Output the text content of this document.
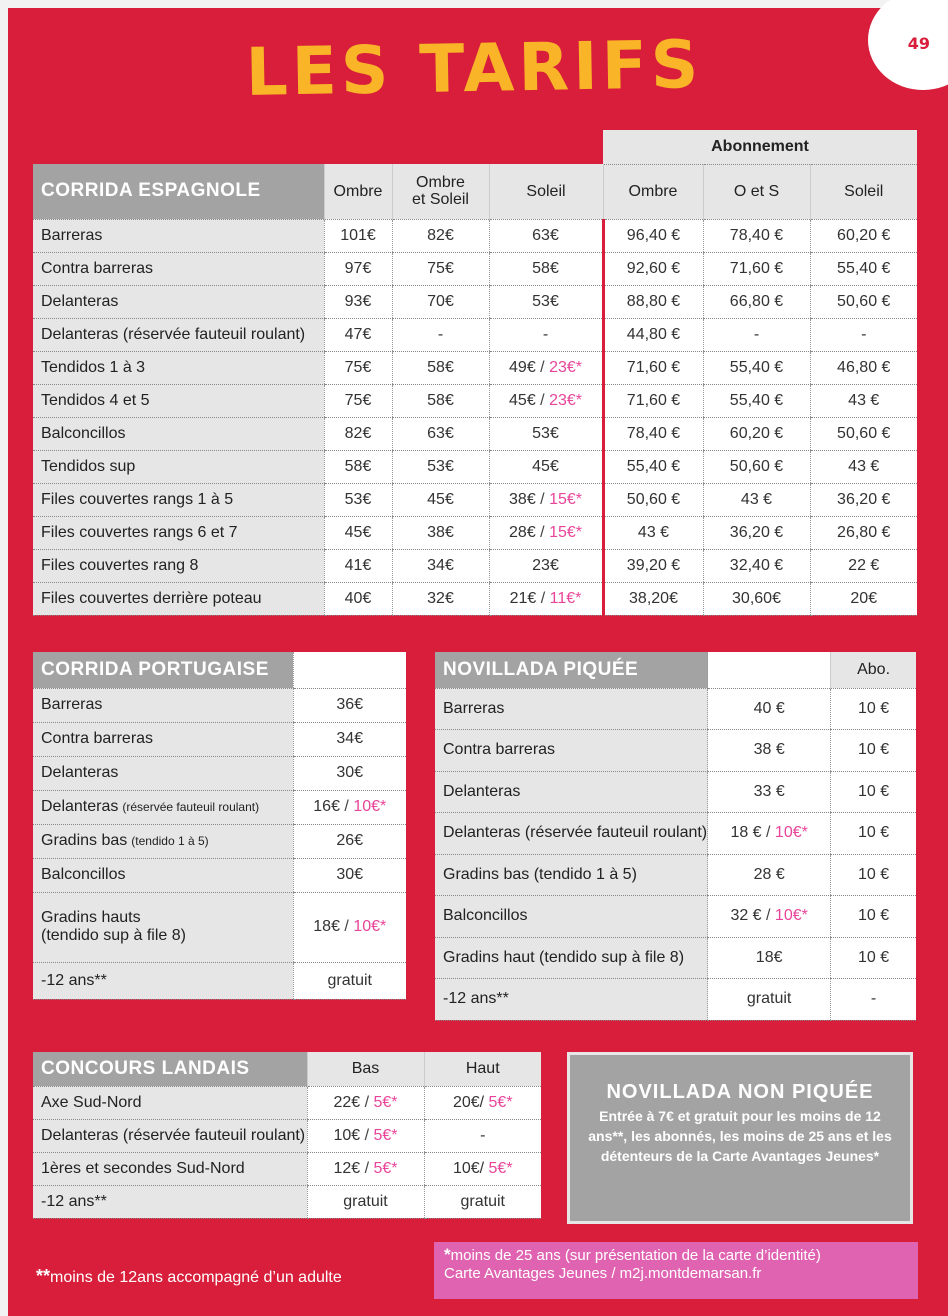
49
LES TARIFS
				Abonnement		
CORRIDA ESPAGNOLE	Ombre	Ombre et Soleil	Soleil	Ombre	O et S	Soleil
Barreras	101€	82€	63€	96,40 €	78,40 €	60,20 €
Contra barreras	97€	75€	58€	92,60 €	71,60 €	55,40 €
Delanteras	93€	70€	53€	88,80 €	66,80 €	50,60 €
Delanteras (réservée fauteuil roulant)	47€	-	-	44,80 €	-	-
Tendidos 1 à 3	75€	58€	49€ / 23€*	71,60 €	55,40 €	46,80 €
Tendidos 4 et 5	75€	58€	45€ / 23€*	71,60 €	55,40 €	43 €
Balconcillos	82€	63€	53€	78,40 €	60,20 €	50,60 €
Tendidos sup	58€	53€	45€	55,40 €	50,60 €	43 €
Files couvertes rangs 1 à 5	53€	45€	38€ / 15€*	50,60 €	43 €	36,20 €
Files couvertes rangs 6 et 7	45€	38€	28€ / 15€*	43 €	36,20 €	26,80 €
Files couvertes rang 8	41€	34€	23€	39,20 €	32,40 €	22 €
Files couvertes derrière poteau	40€	32€	21€ / 11€*	38,20€	30,60€	20€
CORRIDA PORTUGAISE	
Barreras	36€
Contra barreras	34€
Delanteras	30€
Delanteras (réservée fauteuil roulant)	16€ / 10€*
Gradins bas (tendido 1 à 5)	26€
Balconcillos	30€
Gradins hauts
(tendido sup à file 8)	18€ / 10€*
-12 ans**	gratuit
NOVILLADA PIQUÉE		Abo.
Barreras	40 €	10 €
Contra barreras	38 €	10 €
Delanteras	33 €	10 €
Delanteras (réservée fauteuil roulant)	18 € / 10€*	10 €
Gradins bas (tendido 1 à 5)	28 €	10 €
Balconcillos	32 € / 10€*	10 €
Gradins haut (tendido sup à file 8)	18€	10 €
-12 ans**	gratuit	-
CONCOURS LANDAIS	Bas	Haut
Axe Sud-Nord	22€ / 5€*	20€/ 5€*
Delanteras (réservée fauteuil roulant)	10€ / 5€*	-
1ères et secondes Sud-Nord	12€ / 5€*	10€/ 5€*
-12 ans**	gratuit	gratuit
NOVILLADA NON PIQUÉE
Entrée à 7€ et gratuit pour les moins de 12 ans**, les abonnés, les moins de 25 ans et les détenteurs de la Carte Avantages Jeunes*
**moins de 12ans accompagné d’un adulte
*moins de 25 ans (sur présentation de la carte d’identité)
Carte Avantages Jeunes / m2j.montdemarsan.fr
